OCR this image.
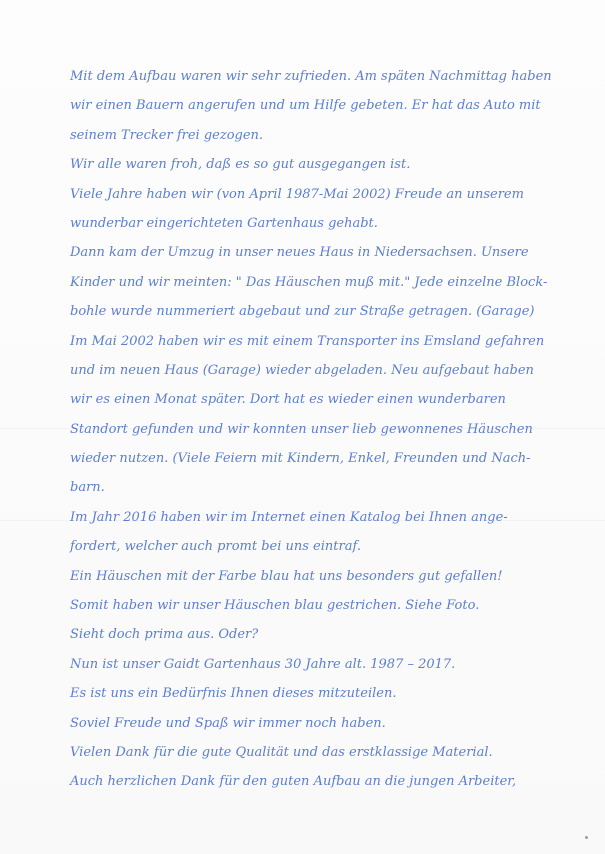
Mit dem Aufbau waren wir sehr zufrieden. Am späten Nachmittag haben
wir einen Bauern angerufen und um Hilfe gebeten. Er hat das Auto mit
seinem Trecker frei gezogen.
Wir alle waren froh, daß es so gut ausgegangen ist.
Viele Jahre haben wir (von April 1987-Mai 2002) Freude an unserem
wunderbar eingerichteten Gartenhaus gehabt.
Dann kam der Umzug in unser neues Haus in Niedersachsen. Unsere
Kinder und wir meinten: " Das Häuschen muß mit." Jede einzelne Block-
bohle wurde nummeriert abgebaut und zur Straße getragen. (Garage)
Im Mai 2002 haben wir es mit einem Transporter ins Emsland gefahren
und im neuen Haus (Garage) wieder abgeladen. Neu aufgebaut haben
wir es einen Monat später. Dort hat es wieder einen wunderbaren
Standort gefunden und wir konnten unser lieb gewonnenes Häuschen
wieder nutzen. (Viele Feiern mit Kindern, Enkel, Freunden und Nach-
barn.
Im Jahr 2016 haben wir im Internet einen Katalog bei Ihnen ange-
fordert, welcher auch promt bei uns eintraf.
Ein Häuschen mit der Farbe blau hat uns besonders gut gefallen!
Somit haben wir unser Häuschen blau gestrichen. Siehe Foto.
Sieht doch prima aus. Oder?
Nun ist unser Gaidt Gartenhaus 30 Jahre alt. 1987 – 2017.
Es ist uns ein Bedürfnis Ihnen dieses mitzuteilen.
Soviel Freude und Spaß wir immer noch haben.
Vielen Dank für die gute Qualität und das erstklassige Material.
Auch herzlichen Dank für den guten Aufbau an die jungen Arbeiter,
